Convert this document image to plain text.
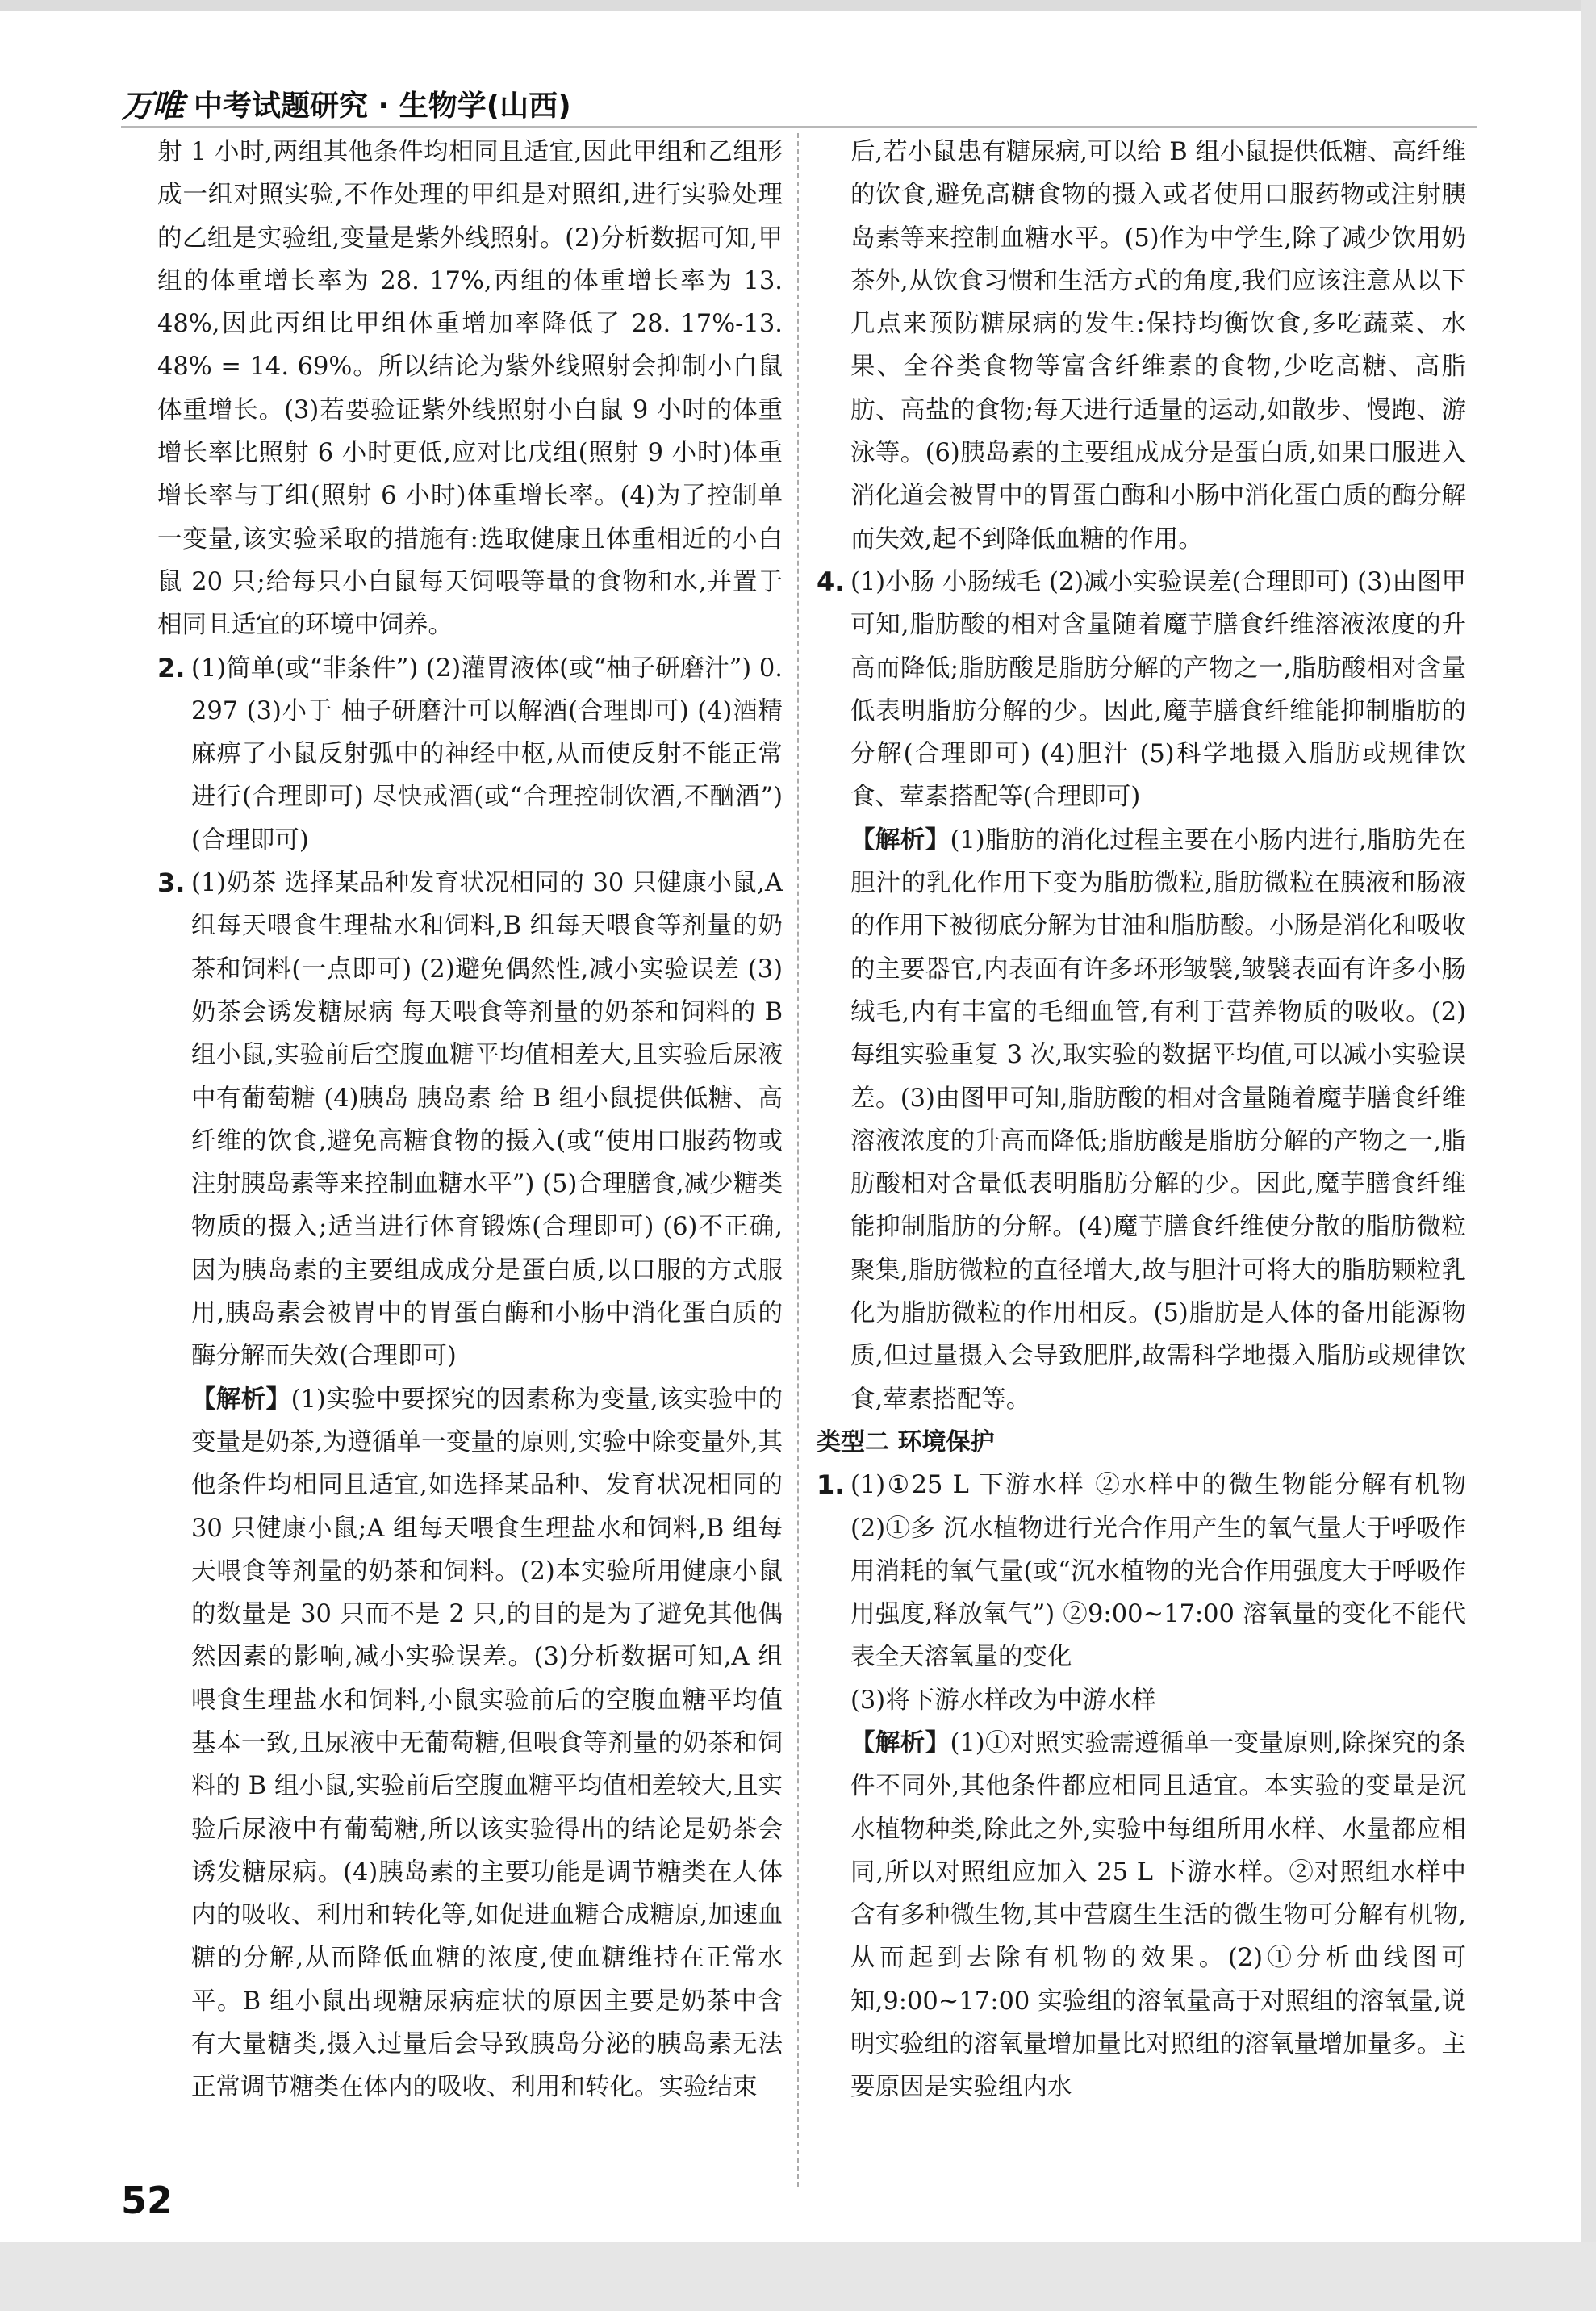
万唯 中考试题研究 · 生物学(山西)

射 1 小时,两组其他条件均相同且适宜,因此甲组和乙组形成一组对照实验,不作处理的甲组是对照组,进行实验处理的乙组是实验组,变量是紫外线照射。(2)分析数据可知,甲组的体重增长率为 28. 17%,丙组的体重增长率为 13. 48%,因此丙组比甲组体重增加率降低了 28. 17%-13. 48% = 14. 69%。所以结论为紫外线照射会抑制小白鼠体重增长。(3)若要验证紫外线照射小白鼠 9 小时的体重增长率比照射 6 小时更低,应对比戊组(照射 9 小时)体重增长率与丁组(照射 6 小时)体重增长率。(4)为了控制单一变量,该实验采取的措施有:选取健康且体重相近的小白鼠 20 只;给每只小白鼠每天饲喂等量的食物和水,并置于相同且适宜的环境中饲养。

2. (1)简单(或“非条件”) (2)灌胃液体(或“柚子研磨汁”) 0. 297 (3)小于 柚子研磨汁可以解酒(合理即可) (4)酒精麻痹了小鼠反射弧中的神经中枢,从而使反射不能正常进行(合理即可) 尽快戒酒(或“合理控制饮酒,不酗酒”)(合理即可)
3. (1)奶茶 选择某品种发育状况相同的 30 只健康小鼠,A 组每天喂食生理盐水和饲料,B 组每天喂食等剂量的奶茶和饲料(一点即可) (2)避免偶然性,减小实验误差 (3)奶茶会诱发糖尿病 每天喂食等剂量的奶茶和饲料的 B 组小鼠,实验前后空腹血糖平均值相差大,且实验后尿液中有葡萄糖 (4)胰岛 胰岛素 给 B 组小鼠提供低糖、高纤维的饮食,避免高糖食物的摄入(或“使用口服药物或注射胰岛素等来控制血糖水平”) (5)合理膳食,减少糖类物质的摄入;适当进行体育锻炼(合理即可) (6)不正确,因为胰岛素的主要组成成分是蛋白质,以口服的方式服用,胰岛素会被胃中的胃蛋白酶和小肠中消化蛋白质的酶分解而失效(合理即可)

【解析】(1)实验中要探究的因素称为变量,该实验中的变量是奶茶,为遵循单一变量的原则,实验中除变量外,其他条件均相同且适宜,如选择某品种、发育状况相同的 30 只健康小鼠;A 组每天喂食生理盐水和饲料,B 组每天喂食等剂量的奶茶和饲料。(2)本实验所用健康小鼠的数量是 30 只而不是 2 只,的目的是为了避免其他偶然因素的影响,减小实验误差。(3)分析数据可知,A 组喂食生理盐水和饲料,小鼠实验前后的空腹血糖平均值基本一致,且尿液中无葡萄糖,但喂食等剂量的奶茶和饲料的 B 组小鼠,实验前后空腹血糖平均值相差较大,且实验后尿液中有葡萄糖,所以该实验得出的结论是奶茶会诱发糖尿病。(4)胰岛素的主要功能是调节糖类在人体内的吸收、利用和转化等,如促进血糖合成糖原,加速血糖的分解,从而降低血糖的浓度,使血糖维持在正常水平。B 组小鼠出现糖尿病症状的原因主要是奶茶中含有大量糖类,摄入过量后会导致胰岛分泌的胰岛素无法正常调节糖类在体内的吸收、利用和转化。实验结束

后,若小鼠患有糖尿病,可以给 B 组小鼠提供低糖、高纤维的饮食,避免高糖食物的摄入或者使用口服药物或注射胰岛素等来控制血糖水平。(5)作为中学生,除了减少饮用奶茶外,从饮食习惯和生活方式的角度,我们应该注意从以下几点来预防糖尿病的发生:保持均衡饮食,多吃蔬菜、水果、全谷类食物等富含纤维素的食物,少吃高糖、高脂肪、高盐的食物;每天进行适量的运动,如散步、慢跑、游泳等。(6)胰岛素的主要组成成分是蛋白质,如果口服进入消化道会被胃中的胃蛋白酶和小肠中消化蛋白质的酶分解而失效,起不到降低血糖的作用。

4. (1)小肠 小肠绒毛 (2)减小实验误差(合理即可) (3)由图甲可知,脂肪酸的相对含量随着魔芋膳食纤维溶液浓度的升高而降低;脂肪酸是脂肪分解的产物之一,脂肪酸相对含量低表明脂肪分解的少。因此,魔芋膳食纤维能抑制脂肪的分解(合理即可) (4)胆汁 (5)科学地摄入脂肪或规律饮食、荤素搭配等(合理即可)

【解析】(1)脂肪的消化过程主要在小肠内进行,脂肪先在胆汁的乳化作用下变为脂肪微粒,脂肪微粒在胰液和肠液的作用下被彻底分解为甘油和脂肪酸。小肠是消化和吸收的主要器官,内表面有许多环形皱襞,皱襞表面有许多小肠绒毛,内有丰富的毛细血管,有利于营养物质的吸收。(2)每组实验重复 3 次,取实验的数据平均值,可以减小实验误差。(3)由图甲可知,脂肪酸的相对含量随着魔芋膳食纤维溶液浓度的升高而降低;脂肪酸是脂肪分解的产物之一,脂肪酸相对含量低表明脂肪分解的少。因此,魔芋膳食纤维能抑制脂肪的分解。(4)魔芋膳食纤维使分散的脂肪微粒聚集,脂肪微粒的直径增大,故与胆汁可将大的脂肪颗粒乳化为脂肪微粒的作用相反。(5)脂肪是人体的备用能源物质,但过量摄入会导致肥胖,故需科学地摄入脂肪或规律饮食,荤素搭配等。

类型二 环境保护

1. (1)①25 L 下游水样 ②水样中的微生物能分解有机物 (2)①多 沉水植物进行光合作用产生的氧气量大于呼吸作用消耗的氧气量(或“沉水植物的光合作用强度大于呼吸作用强度,释放氧气”) ②9:00~17:00 溶氧量的变化不能代表全天溶氧量的变化

(3)将下游水样改为中游水样

【解析】(1)①对照实验需遵循单一变量原则,除探究的条件不同外,其他条件都应相同且适宜。本实验的变量是沉水植物种类,除此之外,实验中每组所用水样、水量都应相同,所以对照组应加入 25 L 下游水样。②对照组水样中含有多种微生物,其中营腐生生活的微生物可分解有机物,从而起到去除有机物的效果。(2)①分析曲线图可知,9:00~17:00 实验组的溶氧量高于对照组的溶氧量,说明实验组的溶氧量增加量比对照组的溶氧量增加量多。主要原因是实验组内水

52
